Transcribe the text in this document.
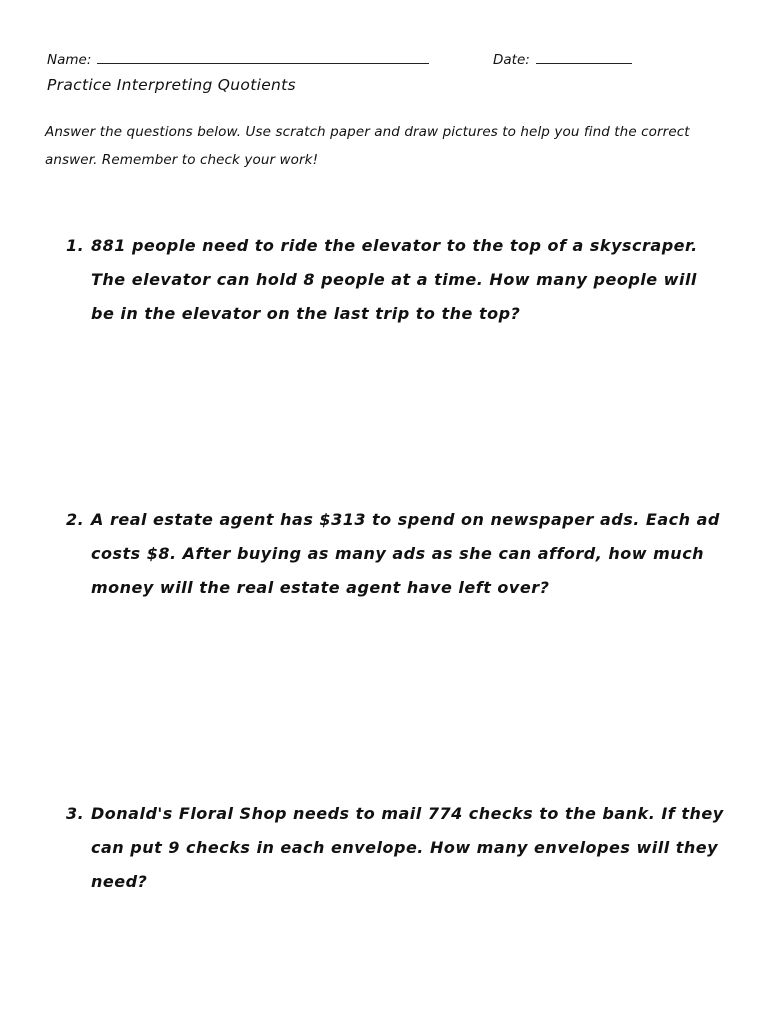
Name:	Date:
Practice Interpreting Quotients
Answer the questions below. Use scratch paper and draw pictures to help you find the correct answer. Remember to check your work!
1. 881 people need to ride the elevator to the top of a skyscraper. The elevator can hold 8 people at a time. How many people will be in the elevator on the last trip to the top?
2. A real estate agent has $313 to spend on newspaper ads. Each ad costs $8. After buying as many ads as she can afford, how much money will the real estate agent have left over?
3. Donald's Floral Shop needs to mail 774 checks to the bank. If they can put 9 checks in each envelope. How many envelopes will they need?
